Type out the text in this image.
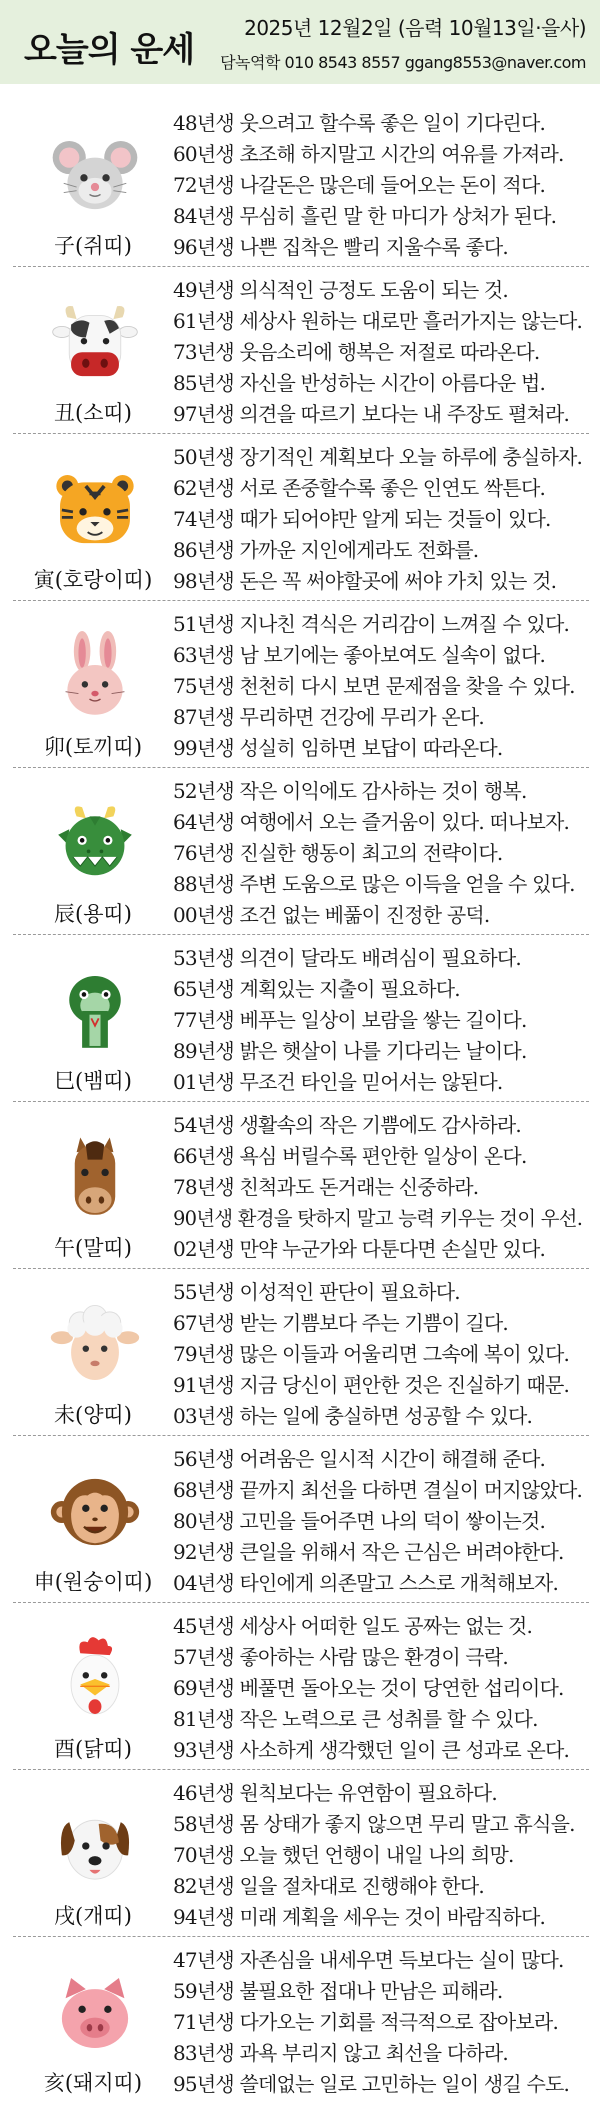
오늘의 운세
2025년 12월2일 (음력 10월13일·을사)
담녹역학 010 8543 8557 ggang8553@naver.com
子(쥐띠)
48년생 웃으려고 할수록 좋은 일이 기다린다.
60년생 초조해 하지말고 시간의 여유를 가져라.
72년생 나갈돈은 많은데 들어오는 돈이 적다.
84년생 무심히 흘린 말 한 마디가 상처가 된다.
96년생 나쁜 집착은 빨리 지울수록 좋다.
丑(소띠)
49년생 의식적인 긍정도 도움이 되는 것.
61년생 세상사 원하는 대로만 흘러가지는 않는다.
73년생 웃음소리에 행복은 저절로 따라온다.
85년생 자신을 반성하는 시간이 아름다운 법.
97년생 의견을 따르기 보다는 내 주장도 펼쳐라.
寅(호랑이띠)
50년생 장기적인 계획보다 오늘 하루에 충실하자.
62년생 서로 존중할수록 좋은 인연도 싹튼다.
74년생 때가 되어야만 알게 되는 것들이 있다.
86년생 가까운 지인에게라도 전화를.
98년생 돈은 꼭 써야할곳에 써야 가치 있는 것.
卯(토끼띠)
51년생 지나친 격식은 거리감이 느껴질 수 있다.
63년생 남 보기에는 좋아보여도 실속이 없다.
75년생 천천히 다시 보면 문제점을 찾을 수 있다.
87년생 무리하면 건강에 무리가 온다.
99년생 성실히 임하면 보답이 따라온다.
辰(용띠)
52년생 작은 이익에도 감사하는 것이 행복.
64년생 여행에서 오는 즐거움이 있다. 떠나보자.
76년생 진실한 행동이 최고의 전략이다.
88년생 주변 도움으로 많은 이득을 얻을 수 있다.
00년생 조건 없는 베풂이 진정한 공덕.
巳(뱀띠)
53년생 의견이 달라도 배려심이 필요하다.
65년생 계획있는 지출이 필요하다.
77년생 베푸는 일상이 보람을 쌓는 길이다.
89년생 밝은 햇살이 나를 기다리는 날이다.
01년생 무조건 타인을 믿어서는 않된다.
午(말띠)
54년생 생활속의 작은 기쁨에도 감사하라.
66년생 욕심 버릴수록 편안한 일상이 온다.
78년생 친척과도 돈거래는 신중하라.
90년생 환경을 탓하지 말고 능력 키우는 것이 우선.
02년생 만약 누군가와 다툰다면 손실만 있다.
未(양띠)
55년생 이성적인 판단이 필요하다.
67년생 받는 기쁨보다 주는 기쁨이 길다.
79년생 많은 이들과 어울리면 그속에 복이 있다.
91년생 지금 당신이 편안한 것은 진실하기 때문.
03년생 하는 일에 충실하면 성공할 수 있다.
申(원숭이띠)
56년생 어려움은 일시적 시간이 해결해 준다.
68년생 끝까지 최선을 다하면 결실이 머지않았다.
80년생 고민을 들어주면 나의 덕이 쌓이는것.
92년생 큰일을 위해서 작은 근심은 버려야한다.
04년생 타인에게 의존말고 스스로 개척해보자.
酉(닭띠)
45년생 세상사 어떠한 일도 공짜는 없는 것.
57년생 좋아하는 사람 많은 환경이 극락.
69년생 베풀면 돌아오는 것이 당연한 섭리이다.
81년생 작은 노력으로 큰 성취를 할 수 있다.
93년생 사소하게 생각했던 일이 큰 성과로 온다.
戌(개띠)
46년생 원칙보다는 유연함이 필요하다.
58년생 몸 상태가 좋지 않으면 무리 말고 휴식을.
70년생 오늘 했던 언행이 내일 나의 희망.
82년생 일을 절차대로 진행해야 한다.
94년생 미래 계획을 세우는 것이 바람직하다.
亥(돼지띠)
47년생 자존심을 내세우면 득보다는 실이 많다.
59년생 불필요한 접대나 만남은 피해라.
71년생 다가오는 기회를 적극적으로 잡아보라.
83년생 과욕 부리지 않고 최선을 다하라.
95년생 쓸데없는 일로 고민하는 일이 생길 수도.
